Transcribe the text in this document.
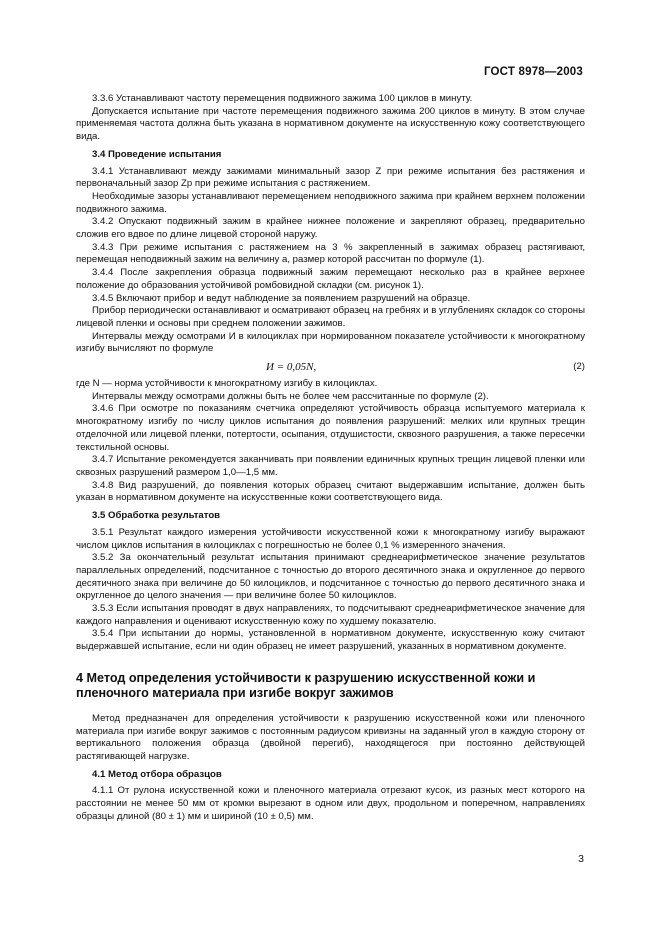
ГОСТ 8978—2003

3.3.6 Устанавливают частоту перемещения подвижного зажима 100 циклов в минуту.

Допускается испытание при частоте перемещения подвижного зажима 200 циклов в минуту. В этом случае применяемая частота должна быть указана в нормативном документе на искусственную кожу соответствующего вида.

3.4 Проведение испытания

3.4.1 Устанавливают между зажимами минимальный зазор Z при режиме испытания без растяжения и первоначальный зазор Zр при режиме испытания с растяжением.

Необходимые зазоры устанавливают перемещением неподвижного зажима при крайнем верхнем положении подвижного зажима.

3.4.2 Опускают подвижный зажим в крайнее нижнее положение и закрепляют образец, предварительно сложив его вдвое по длине лицевой стороной наружу.

3.4.3 При режиме испытания с растяжением на 3 % закрепленный в зажимах образец растягивают, перемещая неподвижный зажим на величину a, размер которой рассчитан по формуле (1).

3.4.4 После закрепления образца подвижный зажим перемещают несколько раз в крайнее верхнее положение до образования устойчивой ромбовидной складки (см. рисунок 1).

3.4.5 Включают прибор и ведут наблюдение за появлением разрушений на образце.

Прибор периодически останавливают и осматривают образец на гребнях и в углублениях складок со стороны лицевой пленки и основы при среднем положении зажимов.

Интервалы между осмотрами И в килоциклах при нормированном показателе устойчивости к многократному изгибу вычисляют по формуле

И = 0,05N,	(2)

где N — норма устойчивости к многократному изгибу в килоциклах.

Интервалы между осмотрами должны быть не более чем рассчитанные по формуле (2).

3.4.6 При осмотре по показаниям счетчика определяют устойчивость образца испытуемого материала к многократному изгибу по числу циклов испытания до появления разрушений: мелких или крупных трещин отделочной или лицевой пленки, потертости, осыпания, отдушистости, сквозного разрушения, а также пересечки текстильной основы.

3.4.7 Испытание рекомендуется заканчивать при появлении единичных крупных трещин лицевой пленки или сквозных разрушений размером 1,0—1,5 мм.

3.4.8 Вид разрушений, до появления которых образец считают выдержавшим испытание, должен быть указан в нормативном документе на искусственные кожи соответствующего вида.

3.5 Обработка результатов

3.5.1 Результат каждого измерения устойчивости искусственной кожи к многократному изгибу выражают числом циклов испытания в килоциклах с погрешностью не более 0,1 % измеренного значения.

3.5.2 За окончательный результат испытания принимают среднеарифметическое значение результатов параллельных определений, подсчитанное с точностью до второго десятичного знака и округленное до первого десятичного знака при величине до 50 килоциклов, и подсчитанное с точностью до первого десятичного знака и округленное до целого значения — при величине более 50 килоциклов.

3.5.3 Если испытания проводят в двух направлениях, то подсчитывают среднеарифметическое значение для каждого направления и оценивают искусственную кожу по худшему показателю.

3.5.4 При испытании до нормы, установленной в нормативном документе, искусственную кожу считают выдержавшей испытание, если ни один образец не имеет разрушений, указанных в нормативном документе.

4 Метод определения устойчивости к разрушению искусственной кожи и пленочного материала при изгибе вокруг зажимов

Метод предназначен для определения устойчивости к разрушению искусственной кожи или пленочного материала при изгибе вокруг зажимов с постоянным радиусом кривизны на заданный угол в каждую сторону от вертикального положения образца (двойной перегиб), находящегося при постоянно действующей растягивающей нагрузке.

4.1 Метод отбора образцов

4.1.1 От рулона искусственной кожи и пленочного материала отрезают кусок, из разных мест которого на расстоянии не менее 50 мм от кромки вырезают в одном или двух, продольном и поперечном, направлениях образцы длиной (80 ± 1) мм и шириной (10 ± 0,5) мм.

3
